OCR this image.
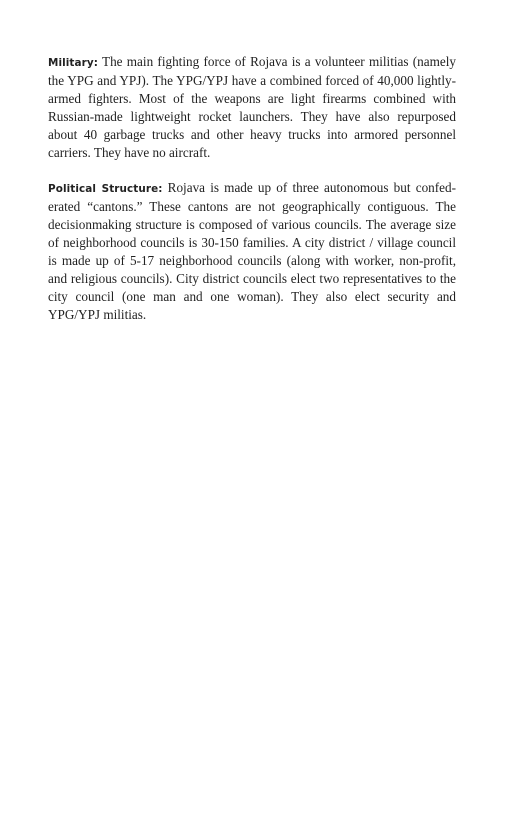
Military: The main fighting force of Rojava is a volunteer militias (namely the YPG and YPJ). The YPG/YPJ have a combined forced of 40,000 lightly-armed fighters. Most of the weapons are light firearms combined with Russian-made lightweight rocket launchers. They have also repurposed about 40 garbage trucks and other heavy trucks into armored personnel carriers. They have no aircraft.

Political Structure: Rojava is made up of three autonomous but confederated “cantons.” These cantons are not geographically contiguous. The decisionmaking structure is composed of various councils. The average size of neighborhood councils is 30-150 families. A city district / village council is made up of 5-17 neighborhood councils (along with worker, non-profit, and religious councils). City district councils elect two representatives to the city council (one man and one woman). They also elect security and YPG/YPJ militias.
